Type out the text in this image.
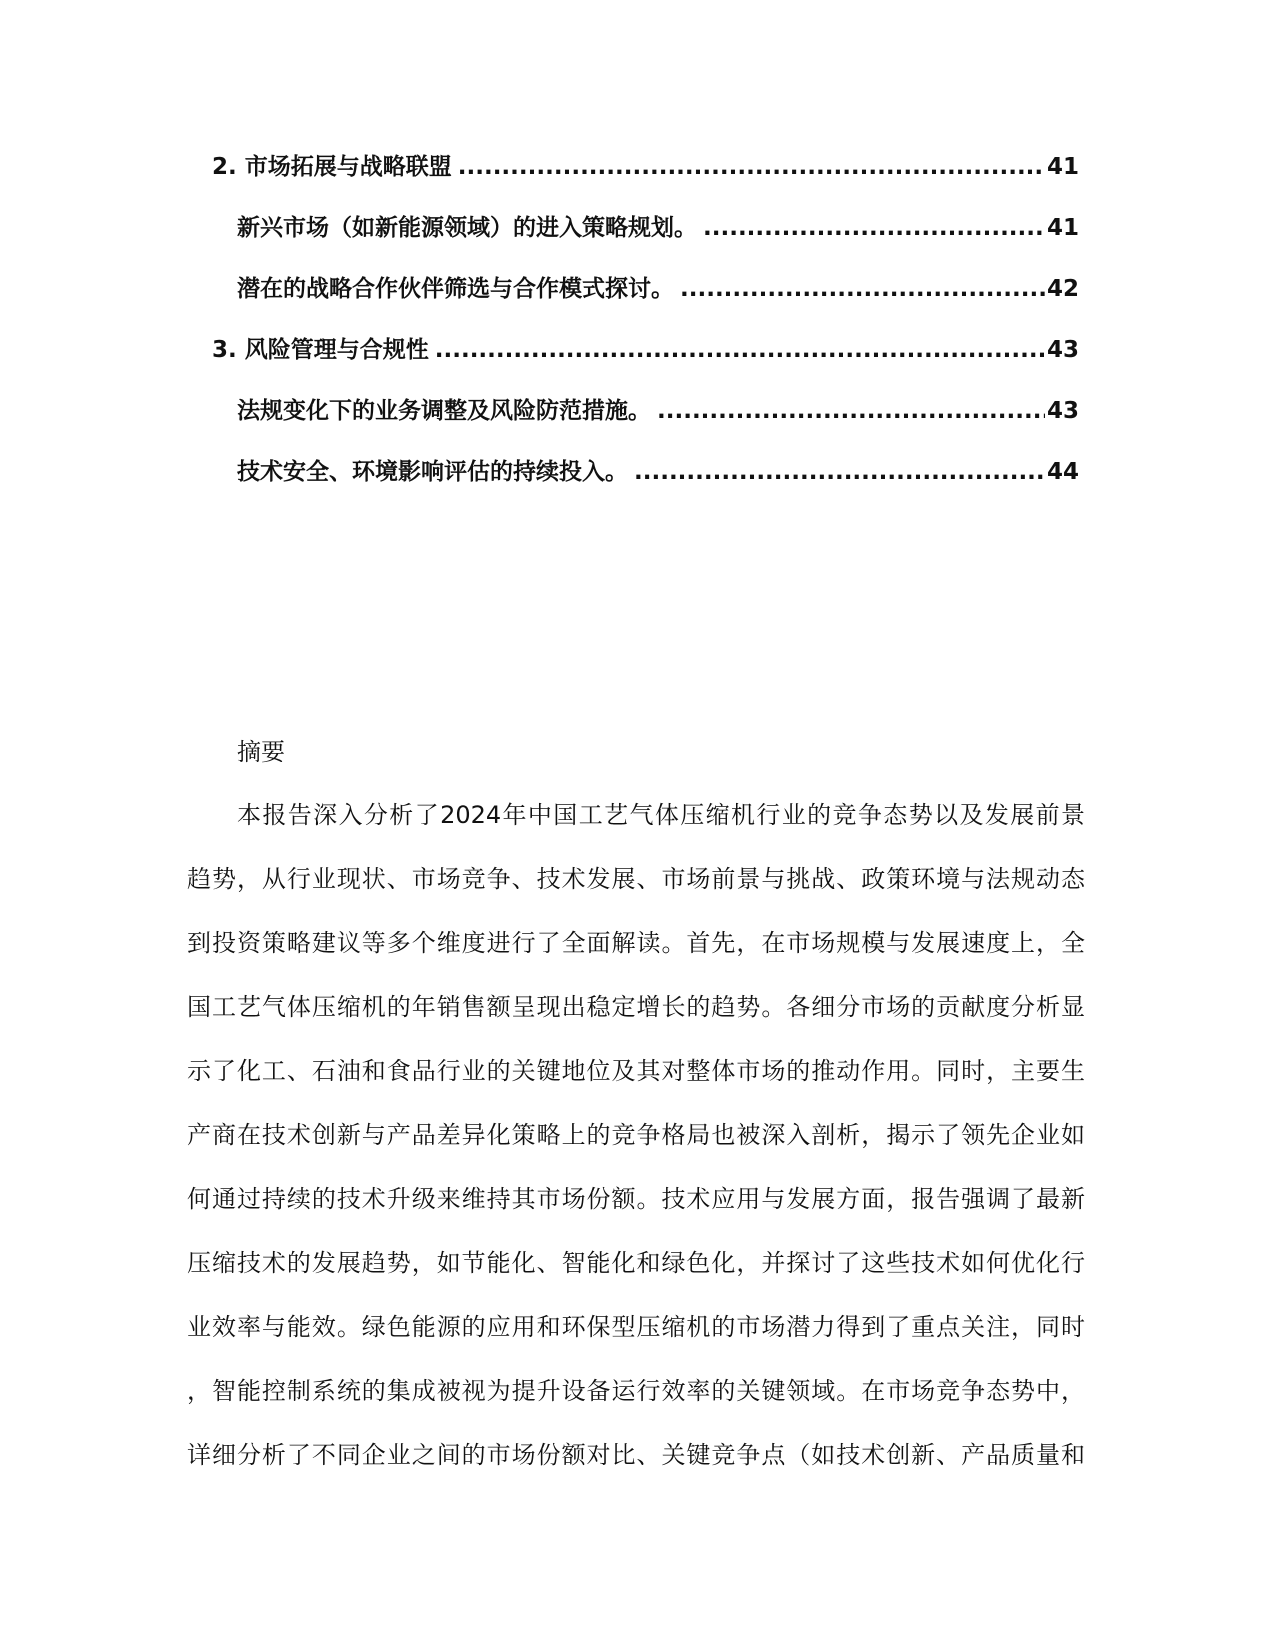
2. 市场拓展与战略联盟 .....	41
新兴市场（如新能源领域）的进入策略规划。 .....	41
潜在的战略合作伙伴筛选与合作模式探讨。 .....	42
3. 风险管理与合规性 .....	43
法规变化下的业务调整及风险防范措施。 .....	43
技术安全、环境影响评估的持续投入。 .....	44
摘要
本报告深入分析了2024年中国工艺气体压缩机行业的竞争态势以及发展前景
趋势，从行业现状、市场竞争、技术发展、市场前景与挑战、政策环境与法规动态
到投资策略建议等多个维度进行了全面解读。首先，在市场规模与发展速度上，全
国工艺气体压缩机的年销售额呈现出稳定增长的趋势。各细分市场的贡献度分析显
示了化工、石油和食品行业的关键地位及其对整体市场的推动作用。同时，主要生
产商在技术创新与产品差异化策略上的竞争格局也被深入剖析，揭示了领先企业如
何通过持续的技术升级来维持其市场份额。技术应用与发展方面，报告强调了最新
压缩技术的发展趋势，如节能化、智能化和绿色化，并探讨了这些技术如何优化行
业效率与能效。绿色能源的应用和环保型压缩机的市场潜力得到了重点关注，同时
，智能控制系统的集成被视为提升设备运行效率的关键领域。在市场竞争态势中，
详细分析了不同企业之间的市场份额对比、关键竞争点（如技术创新、产品质量和
